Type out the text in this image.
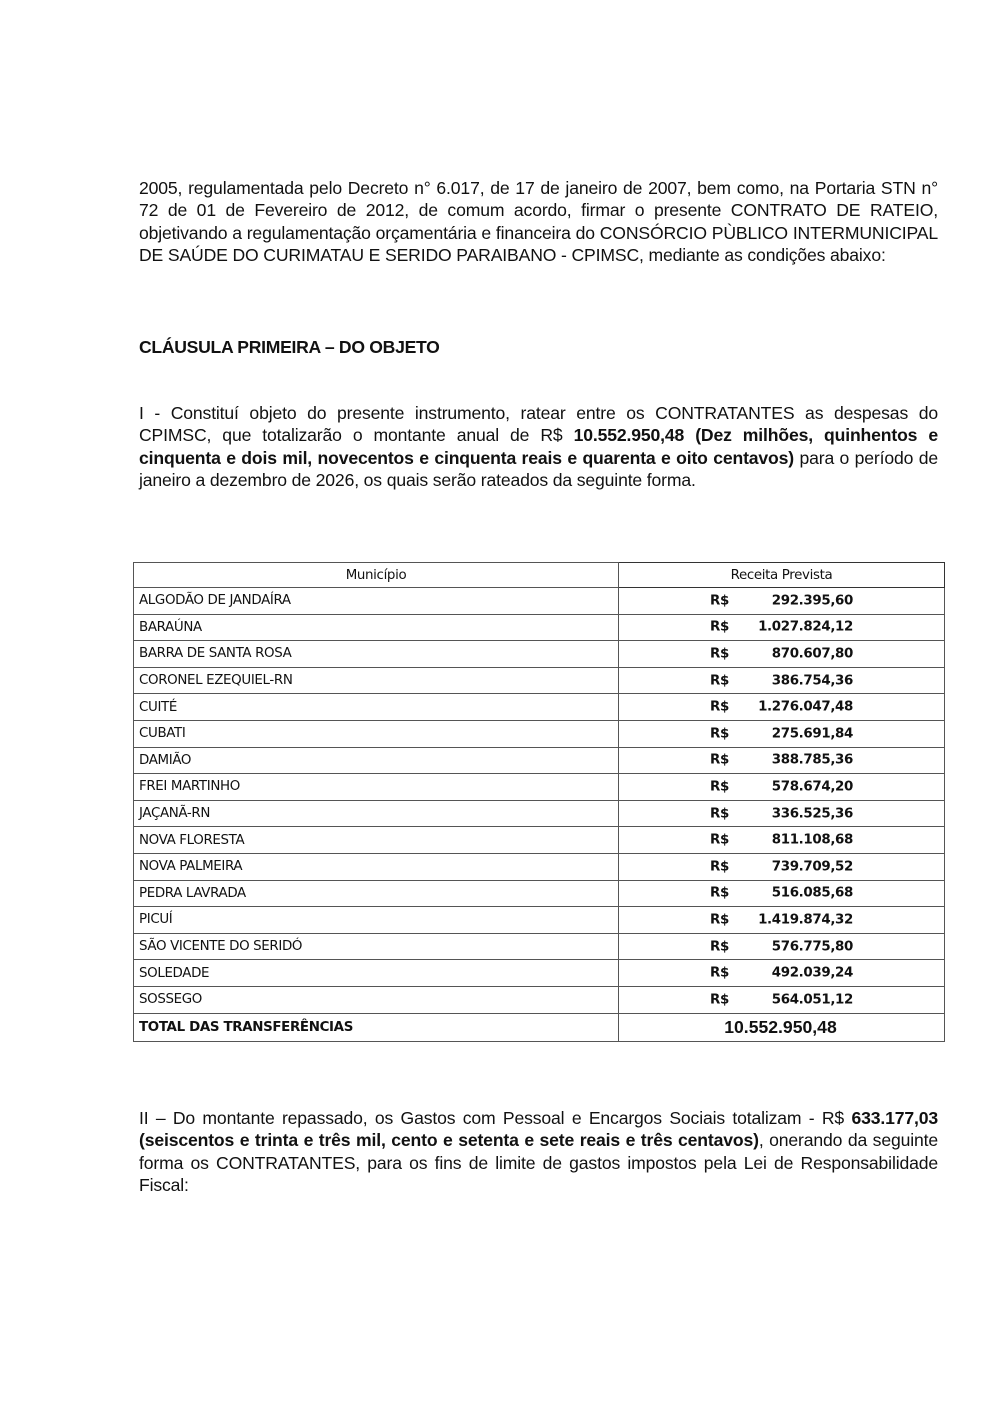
2005, regulamentada pelo Decreto n° 6.017, de 17 de janeiro de 2007, bem como, na Portaria STN n° 72 de 01 de Fevereiro de 2012, de comum acordo, firmar o presente CONTRATO DE RATEIO, objetivando a regulamentação orçamentária e financeira do CONSÓRCIO PÙBLICO INTERMUNICIPAL DE SAÚDE DO CURIMATAU E SERIDO PARAIBANO - CPIMSC, mediante as condições abaixo:

CLÁUSULA PRIMEIRA – DO OBJETO

I - Constituí objeto do presente instrumento, ratear entre os CONTRATANTES as despesas do CPIMSC, que totalizarão o montante anual de R$ 10.552.950,48 (Dez milhões, quinhentos e cinquenta e dois mil, novecentos e cinquenta reais e quarenta e oito centavos) para o período de janeiro a dezembro de 2026, os quais serão rateados da seguinte forma.

Município	Receita Prevista
ALGODÃO DE JANDAÍRA	R$ 292.395,60

BARAÚNA	R$ 1.027.824,12

BARRA DE SANTA ROSA	R$ 870.607,80

CORONEL EZEQUIEL-RN	R$ 386.754,36

CUITÉ	R$ 1.276.047,48

CUBATI	R$ 275.691,84

DAMIÃO	R$ 388.785,36

FREI MARTINHO	R$ 578.674,20

JAÇANÃ-RN	R$ 336.525,36

NOVA FLORESTA	R$ 811.108,68

NOVA PALMEIRA	R$ 739.709,52

PEDRA LAVRADA	R$ 516.085,68

PICUÍ	R$ 1.419.874,32

SÃO VICENTE DO SERIDÓ	R$ 576.775,80

SOLEDADE	R$ 492.039,24

SOSSEGO	R$ 564.051,12

TOTAL DAS TRANSFERÊNCIAS	10.552.950,48

II – Do montante repassado, os Gastos com Pessoal e Encargos Sociais totalizam - R$ 633.177,03 (seiscentos e trinta e três mil, cento e setenta e sete reais e três centavos), onerando da seguinte forma os CONTRATANTES, para os fins de limite de gastos impostos pela Lei de Responsabilidade Fiscal:
